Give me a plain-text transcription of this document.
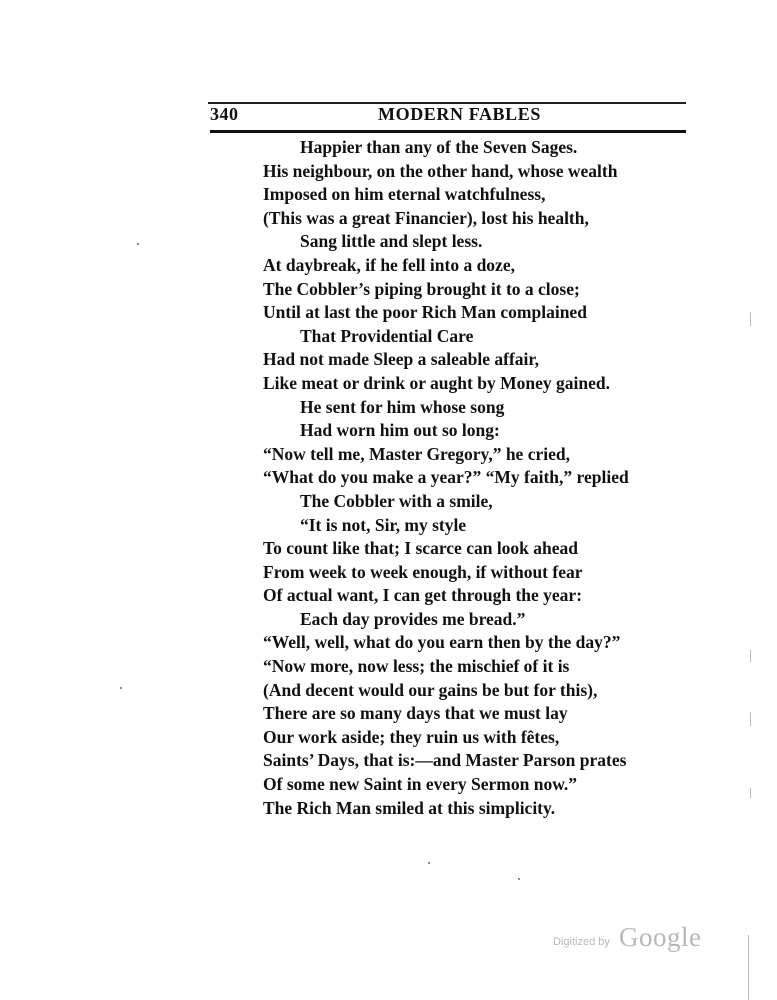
340	MODERN FABLES
Happier than any of the Seven Sages.
His neighbour, on the other hand, whose wealth
Imposed on him eternal watchfulness,
(This was a great Financier), lost his health,
Sang little and slept less.
At daybreak, if he fell into a doze,
The Cobbler’s piping brought it to a close;
Until at last the poor Rich Man complained
That Providential Care
Had not made Sleep a saleable affair,
Like meat or drink or aught by Money gained.
He sent for him whose song
Had worn him out so long:
“Now tell me, Master Gregory,” he cried,
“What do you make a year?” “My faith,” replied
The Cobbler with a smile,
“It is not, Sir, my style
To count like that; I scarce can look ahead
From week to week enough, if without fear
Of actual want, I can get through the year:
Each day provides me bread.”
“Well, well, what do you earn then by the day?”
“Now more, now less; the mischief of it is
(And decent would our gains be but for this),
There are so many days that we must lay
Our work aside; they ruin us with fêtes,
Saints’ Days, that is:—and Master Parson prates
Of some new Saint in every Sermon now.”
The Rich Man smiled at this simplicity.
Digitized by Google
